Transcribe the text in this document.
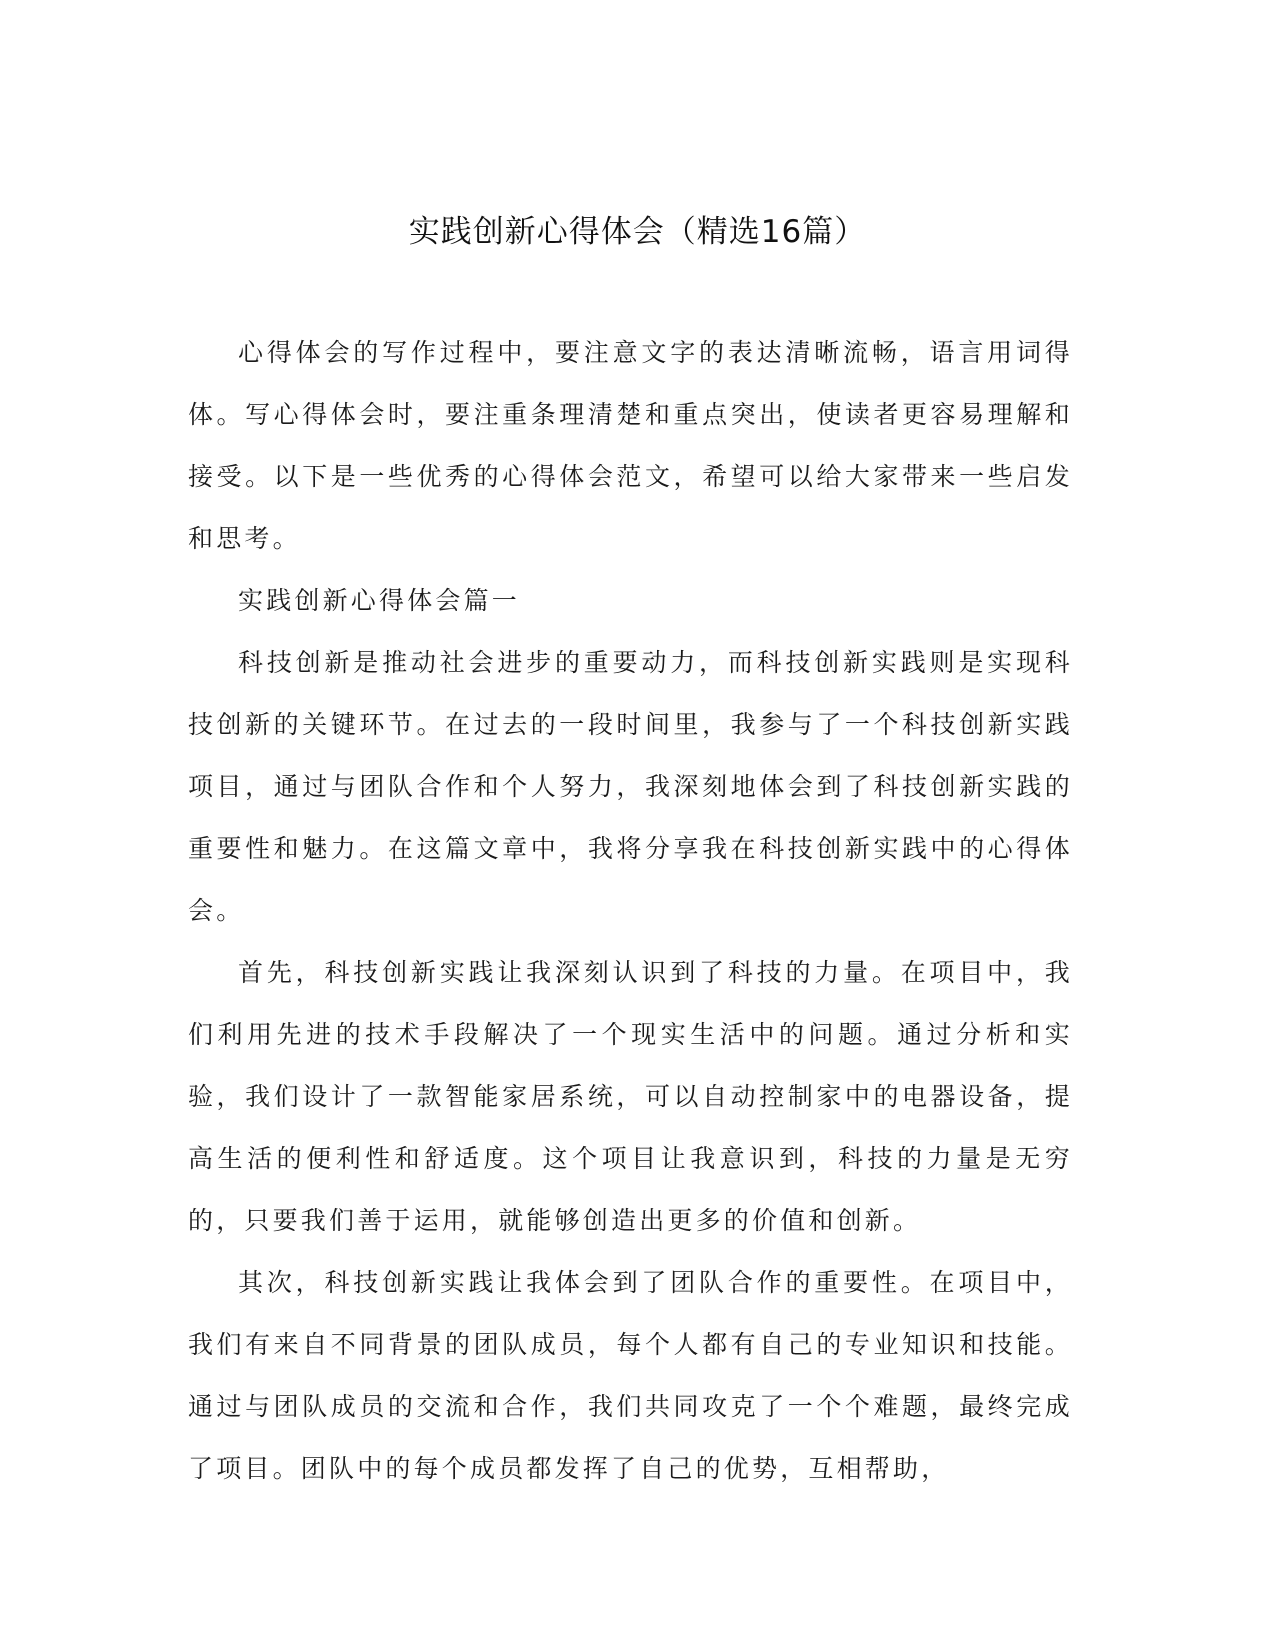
实践创新心得体会（精选16篇）

心得体会的写作过程中，要注意文字的表达清晰流畅，语言用词得体。写心得体会时，要注重条理清楚和重点突出，使读者更容易理解和接受。以下是一些优秀的心得体会范文，希望可以给大家带来一些启发和思考。

实践创新心得体会篇一

科技创新是推动社会进步的重要动力，而科技创新实践则是实现科技创新的关键环节。在过去的一段时间里，我参与了一个科技创新实践项目，通过与团队合作和个人努力，我深刻地体会到了科技创新实践的重要性和魅力。在这篇文章中，我将分享我在科技创新实践中的心得体会。

首先，科技创新实践让我深刻认识到了科技的力量。在项目中，我们利用先进的技术手段解决了一个现实生活中的问题。通过分析和实验，我们设计了一款智能家居系统，可以自动控制家中的电器设备，提高生活的便利性和舒适度。这个项目让我意识到，科技的力量是无穷的，只要我们善于运用，就能够创造出更多的价值和创新。

其次，科技创新实践让我体会到了团队合作的重要性。在项目中，我们有来自不同背景的团队成员，每个人都有自己的专业知识和技能。通过与团队成员的交流和合作，我们共同攻克了一个个难题，最终完成了项目。团队中的每个成员都发挥了自己的优势，互相帮助，
